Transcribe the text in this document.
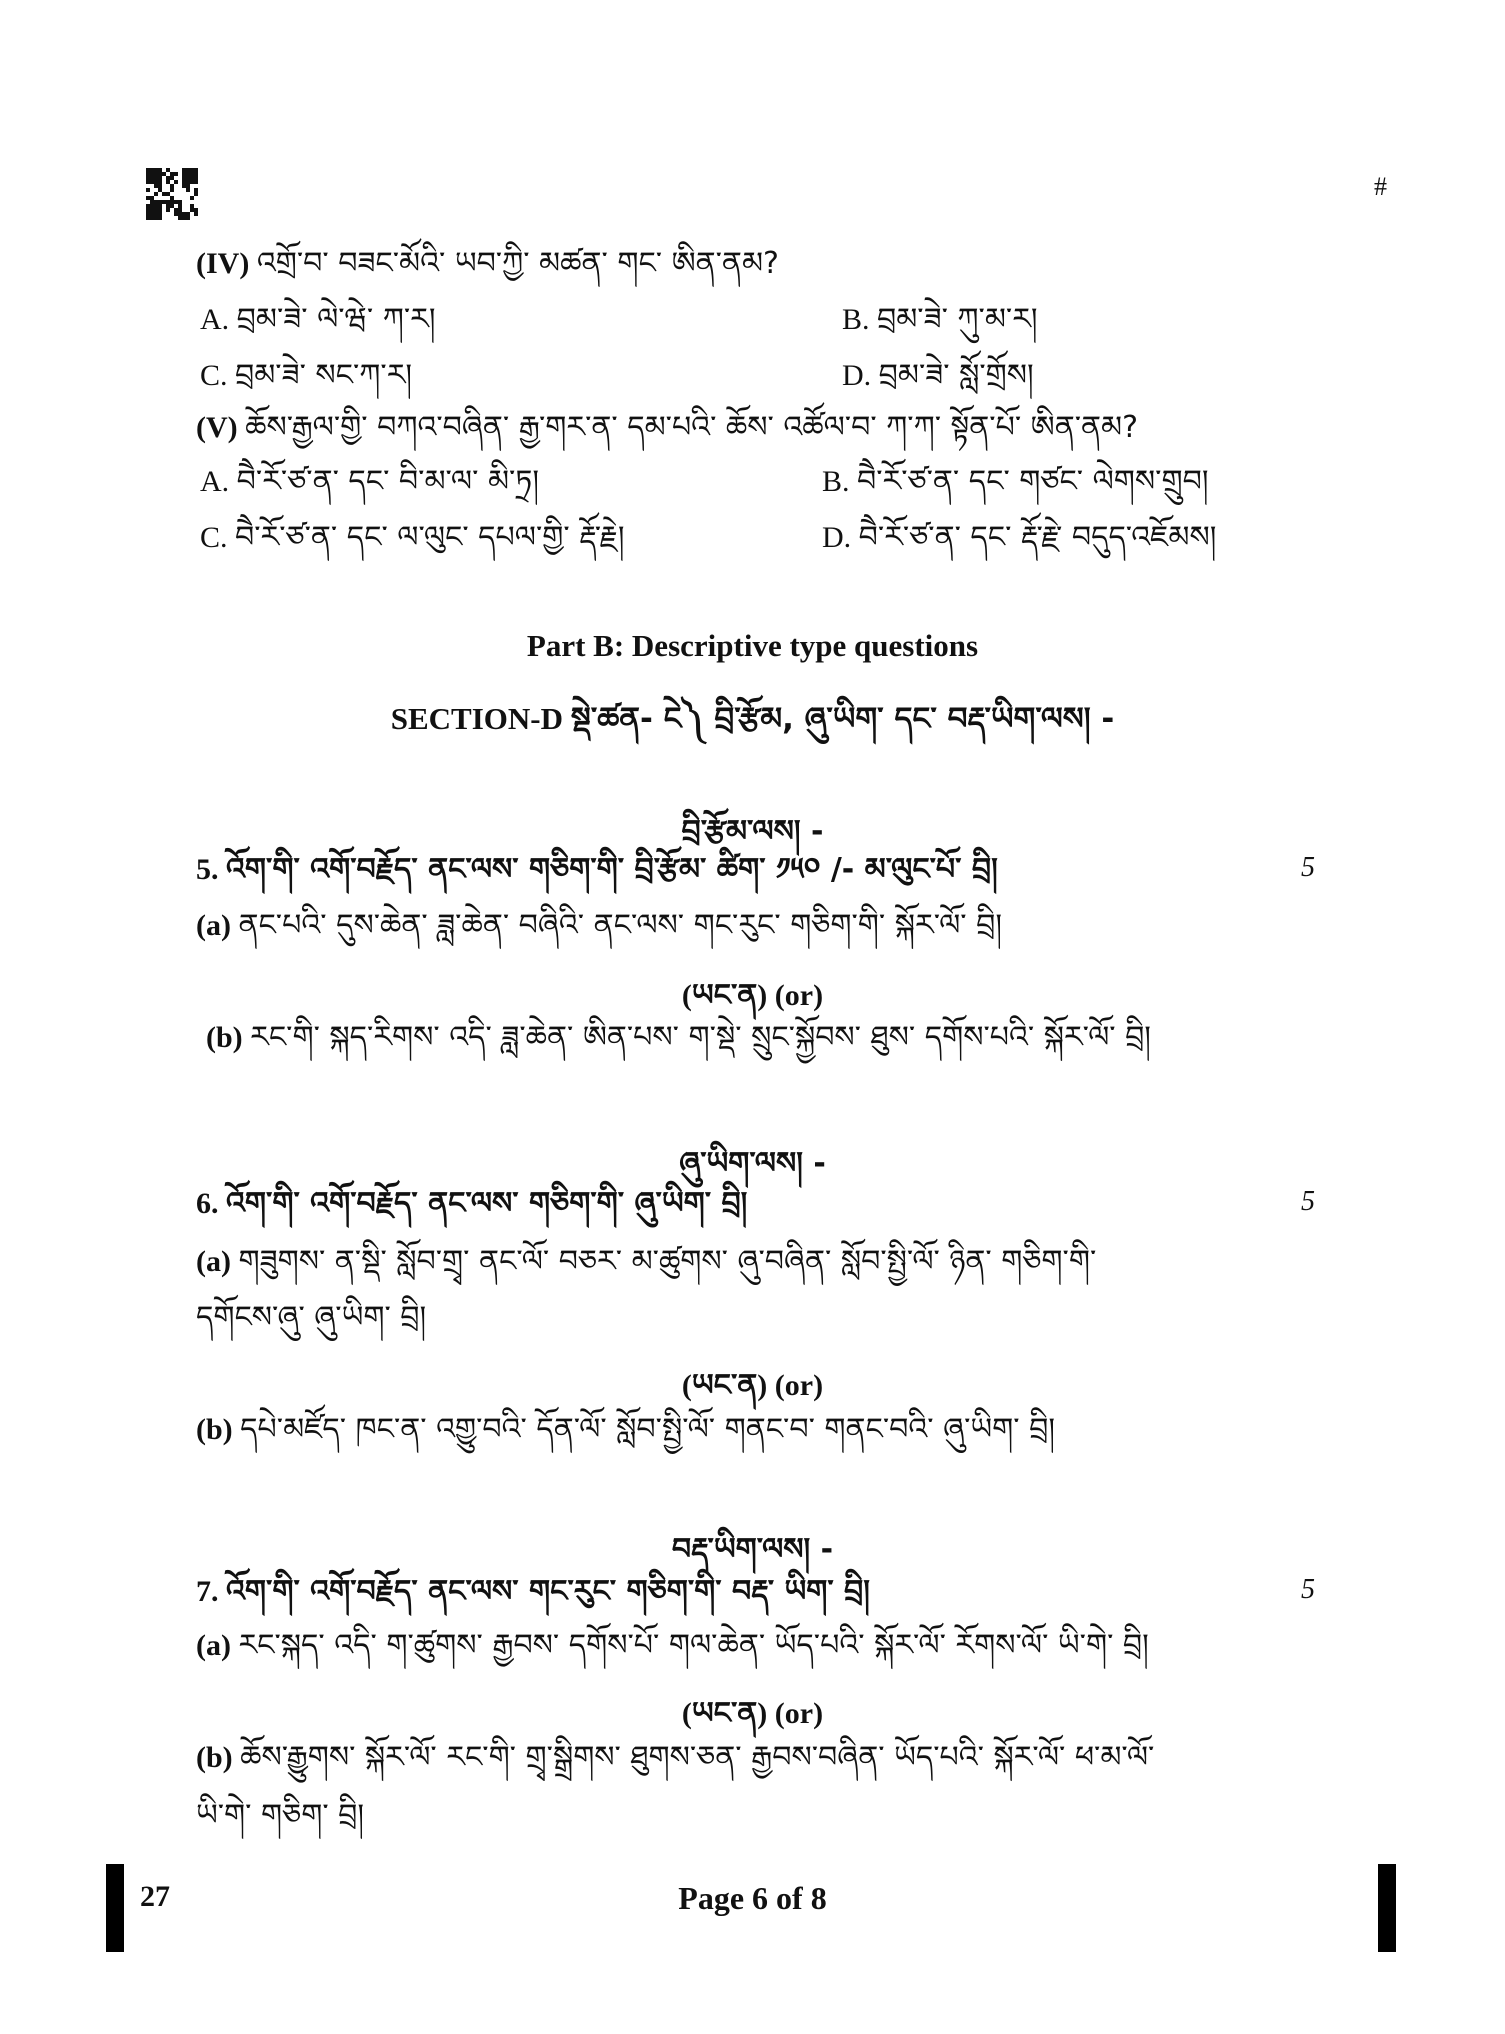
#
(IV) འགྲོ་བ་ བཟང་མོའི་ ཡབ་ཀྱི་ མཚན་ གང་ ཨིན་ནམ?
A. བྲམ་ཟེ་ ལེ་ཝེ་ ཀ་ར།	B. བྲམ་ཟེ་ ཀུ་མ་ར།
C. བྲམ་ཟེ་ སང་ཀ་ར།	D. བྲམ་ཟེ་ སློ་གྲོས།
(V) ཆོས་རྒྱལ་གྱི་ བཀའ་བཞིན་ རྒྱ་གར་ན་ དམ་པའི་ ཆོས་ འཚོལ་བ་ ཀ་ཀ་ སྟོན་པོ་ ཨིན་ནམ?
A. བཻ་རོ་ཙ་ན་ དང་ བི་མ་ལ་ མི་ཏྲ།	B. བཻ་རོ་ཙ་ན་ དང་ གཙང་ ལེགས་གྲུབ།
C. བཻ་རོ་ཙ་ན་ དང་ ལ་ལུང་ དཔལ་གྱི་ རྡོ་རྗེ།	D. བཻ་རོ་ཙ་ན་ དང་ རྡོ་རྗེ་ བདུད་འཇོམས།
Part B: Descriptive type questions
SECTION-D སྡེ་ཚན- ངེ༽ བྲི་རྩོམ, ཞུ་ཡིག་ དང་ བརྡ་ཡིག་ལས། -
བྲི་རྩོམ་ལས། -
5. འོག་གི་ འགོ་བརྗོད་ ནང་ལས་ གཅིག་གི་ བྲི་རྩོམ་ ཚིག་ ༡༥༠ /- མ་ལུང་པོ་ བྲི།	5
(a) ནང་པའི་ དུས་ཆེན་ ཟླ་ཆེན་ བཞིའི་ ནང་ལས་ གང་རུང་ གཅིག་གི་ སྐོར་ལོ་ བྲི།
(ཡང་ན) (or)
(b) རང་གི་ སྐད་རིགས་ འདི་ ཟླ་ཆེན་ ཨིན་པས་ ག་སྡེ་ སྲུང་སྐྱོབས་ ཐུས་ དགོས་པའི་ སྐོར་ལོ་ བྲི།
ཞུ་ཡིག་ལས། -
6. འོག་གི་ འགོ་བརྗོད་ ནང་ལས་ གཅིག་གི་ ཞུ་ཡིག་ བྲི།	5
(a) གཟུགས་ ན་སྡི་ སློབ་གྲྭ་ ནང་ལོ་ བཅར་ མ་ཚུགས་ ཞུ་བཞིན་ སློབ་སྤྱི་ལོ་ ཉིན་ གཅིག་གི་
དགོངས་ཞུ་ ཞུ་ཡིག་ བྲི།
(ཡང་ན) (or)
(b) དཔེ་མཛོད་ ཁང་ན་ འགྱུ་བའི་ དོན་ལོ་ སློབ་སྤྱི་ལོ་ གནང་བ་ གནང་བའི་ ཞུ་ཡིག་ བྲི།
བརྡ་ཡིག་ལས། -
7. འོག་གི་ འགོ་བརྗོད་ ནང་ལས་ གང་རུང་ གཅིག་གི་ བརྡ་ ཡིག་ བྲི།	5
(a) རང་སྐད་ འདི་ ག་ཚུགས་ རྒྱབས་ དགོས་པོ་ གལ་ཆེན་ ཡོད་པའི་ སྐོར་ལོ་ རོགས་ལོ་ ཡི་གེ་ བྲི།
(ཡང་ན) (or)
(b) ཆོས་རྒྱུགས་ སྐོར་ལོ་ རང་གི་ གྲྭ་སྒྲིགས་ ཐུགས་ཅན་ རྒྱབས་བཞིན་ ཡོད་པའི་ སྐོར་ལོ་ ཕ་མ་ལོ་
ཡི་གེ་ གཅིག་ བྲི།
27	Page 6 of 8
